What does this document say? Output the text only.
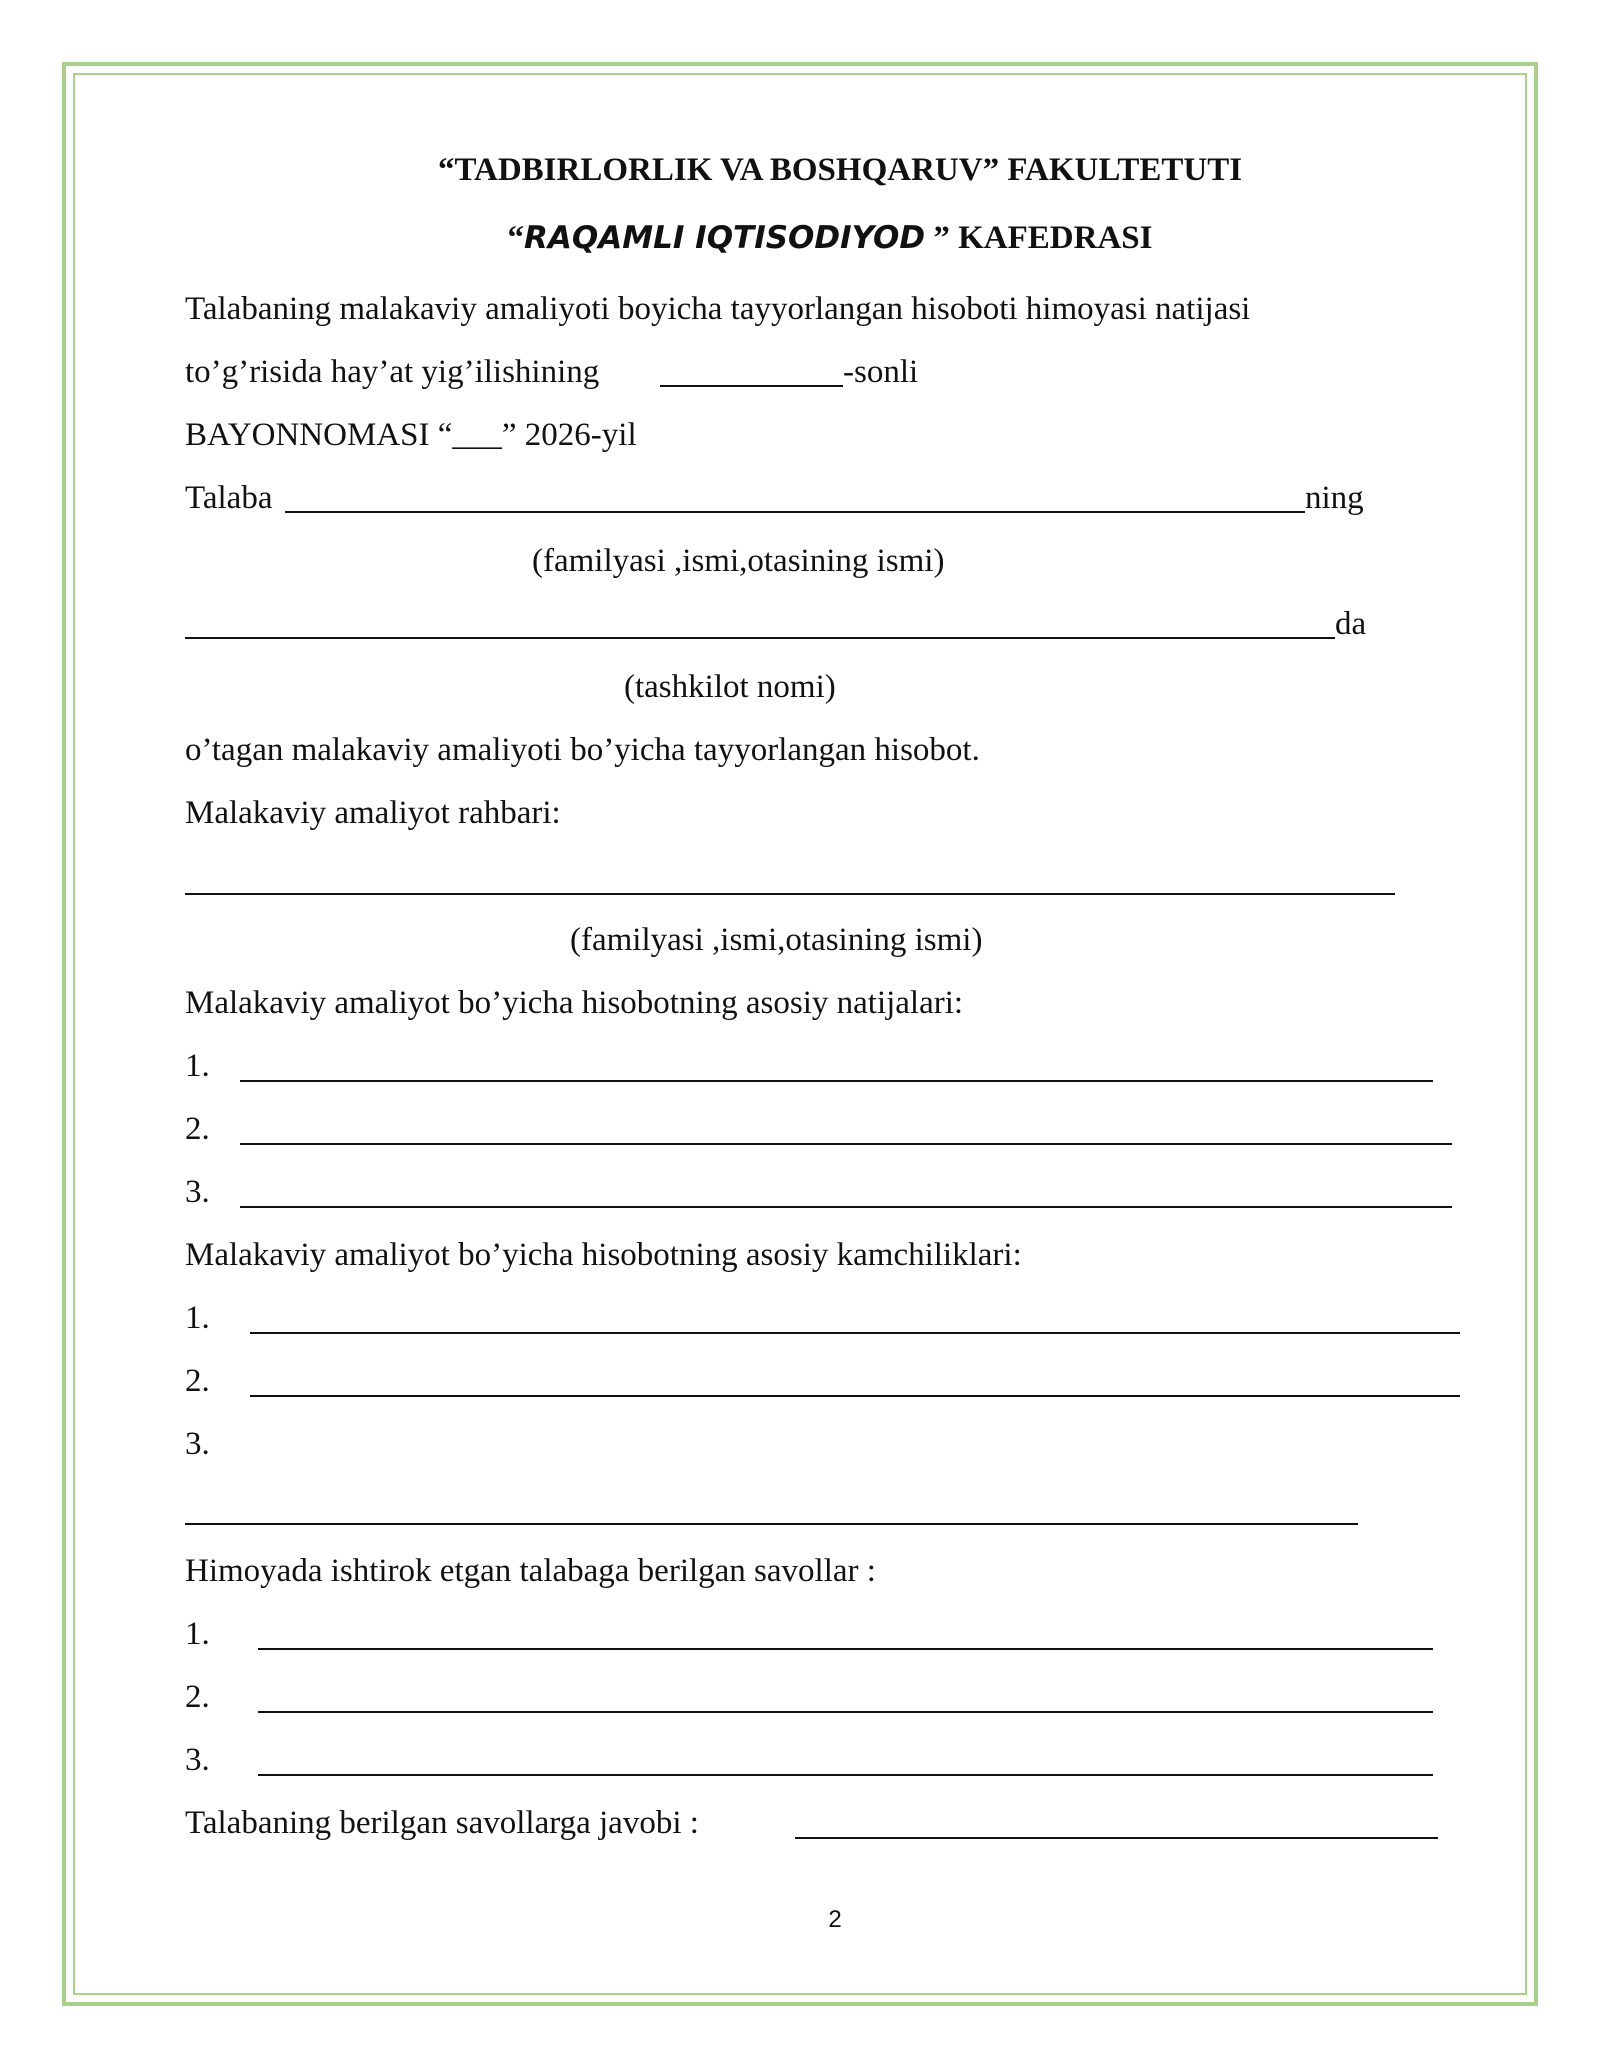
“TADBIRLORLIK VA BOSHQARUV” FAKULTETUTI
“RAQAMLI IQTISODIYOD ” KAFEDRASI
Talabaning malakaviy amaliyoti boyicha tayyorlangan hisoboti himoyasi natijasi
to’g’risida hay’at yig’ilishining	-sonli
BAYONNOMASI “___” 2026-yil
Talaba	ning
(familyasi ,ismi,otasining ismi)
da
(tashkilot nomi)
o’tagan malakaviy amaliyoti bo’yicha tayyorlangan hisobot.
Malakaviy amaliyot rahbari:
(familyasi ,ismi,otasining ismi)
Malakaviy amaliyot bo’yicha hisobotning asosiy natijalari:
1.
2.
3.
Malakaviy amaliyot bo’yicha hisobotning asosiy kamchiliklari:
1.
2.
3.
Himoyada ishtirok etgan talabaga berilgan savollar :
1.
2.
3.
Talabaning berilgan savollarga javobi :
2
